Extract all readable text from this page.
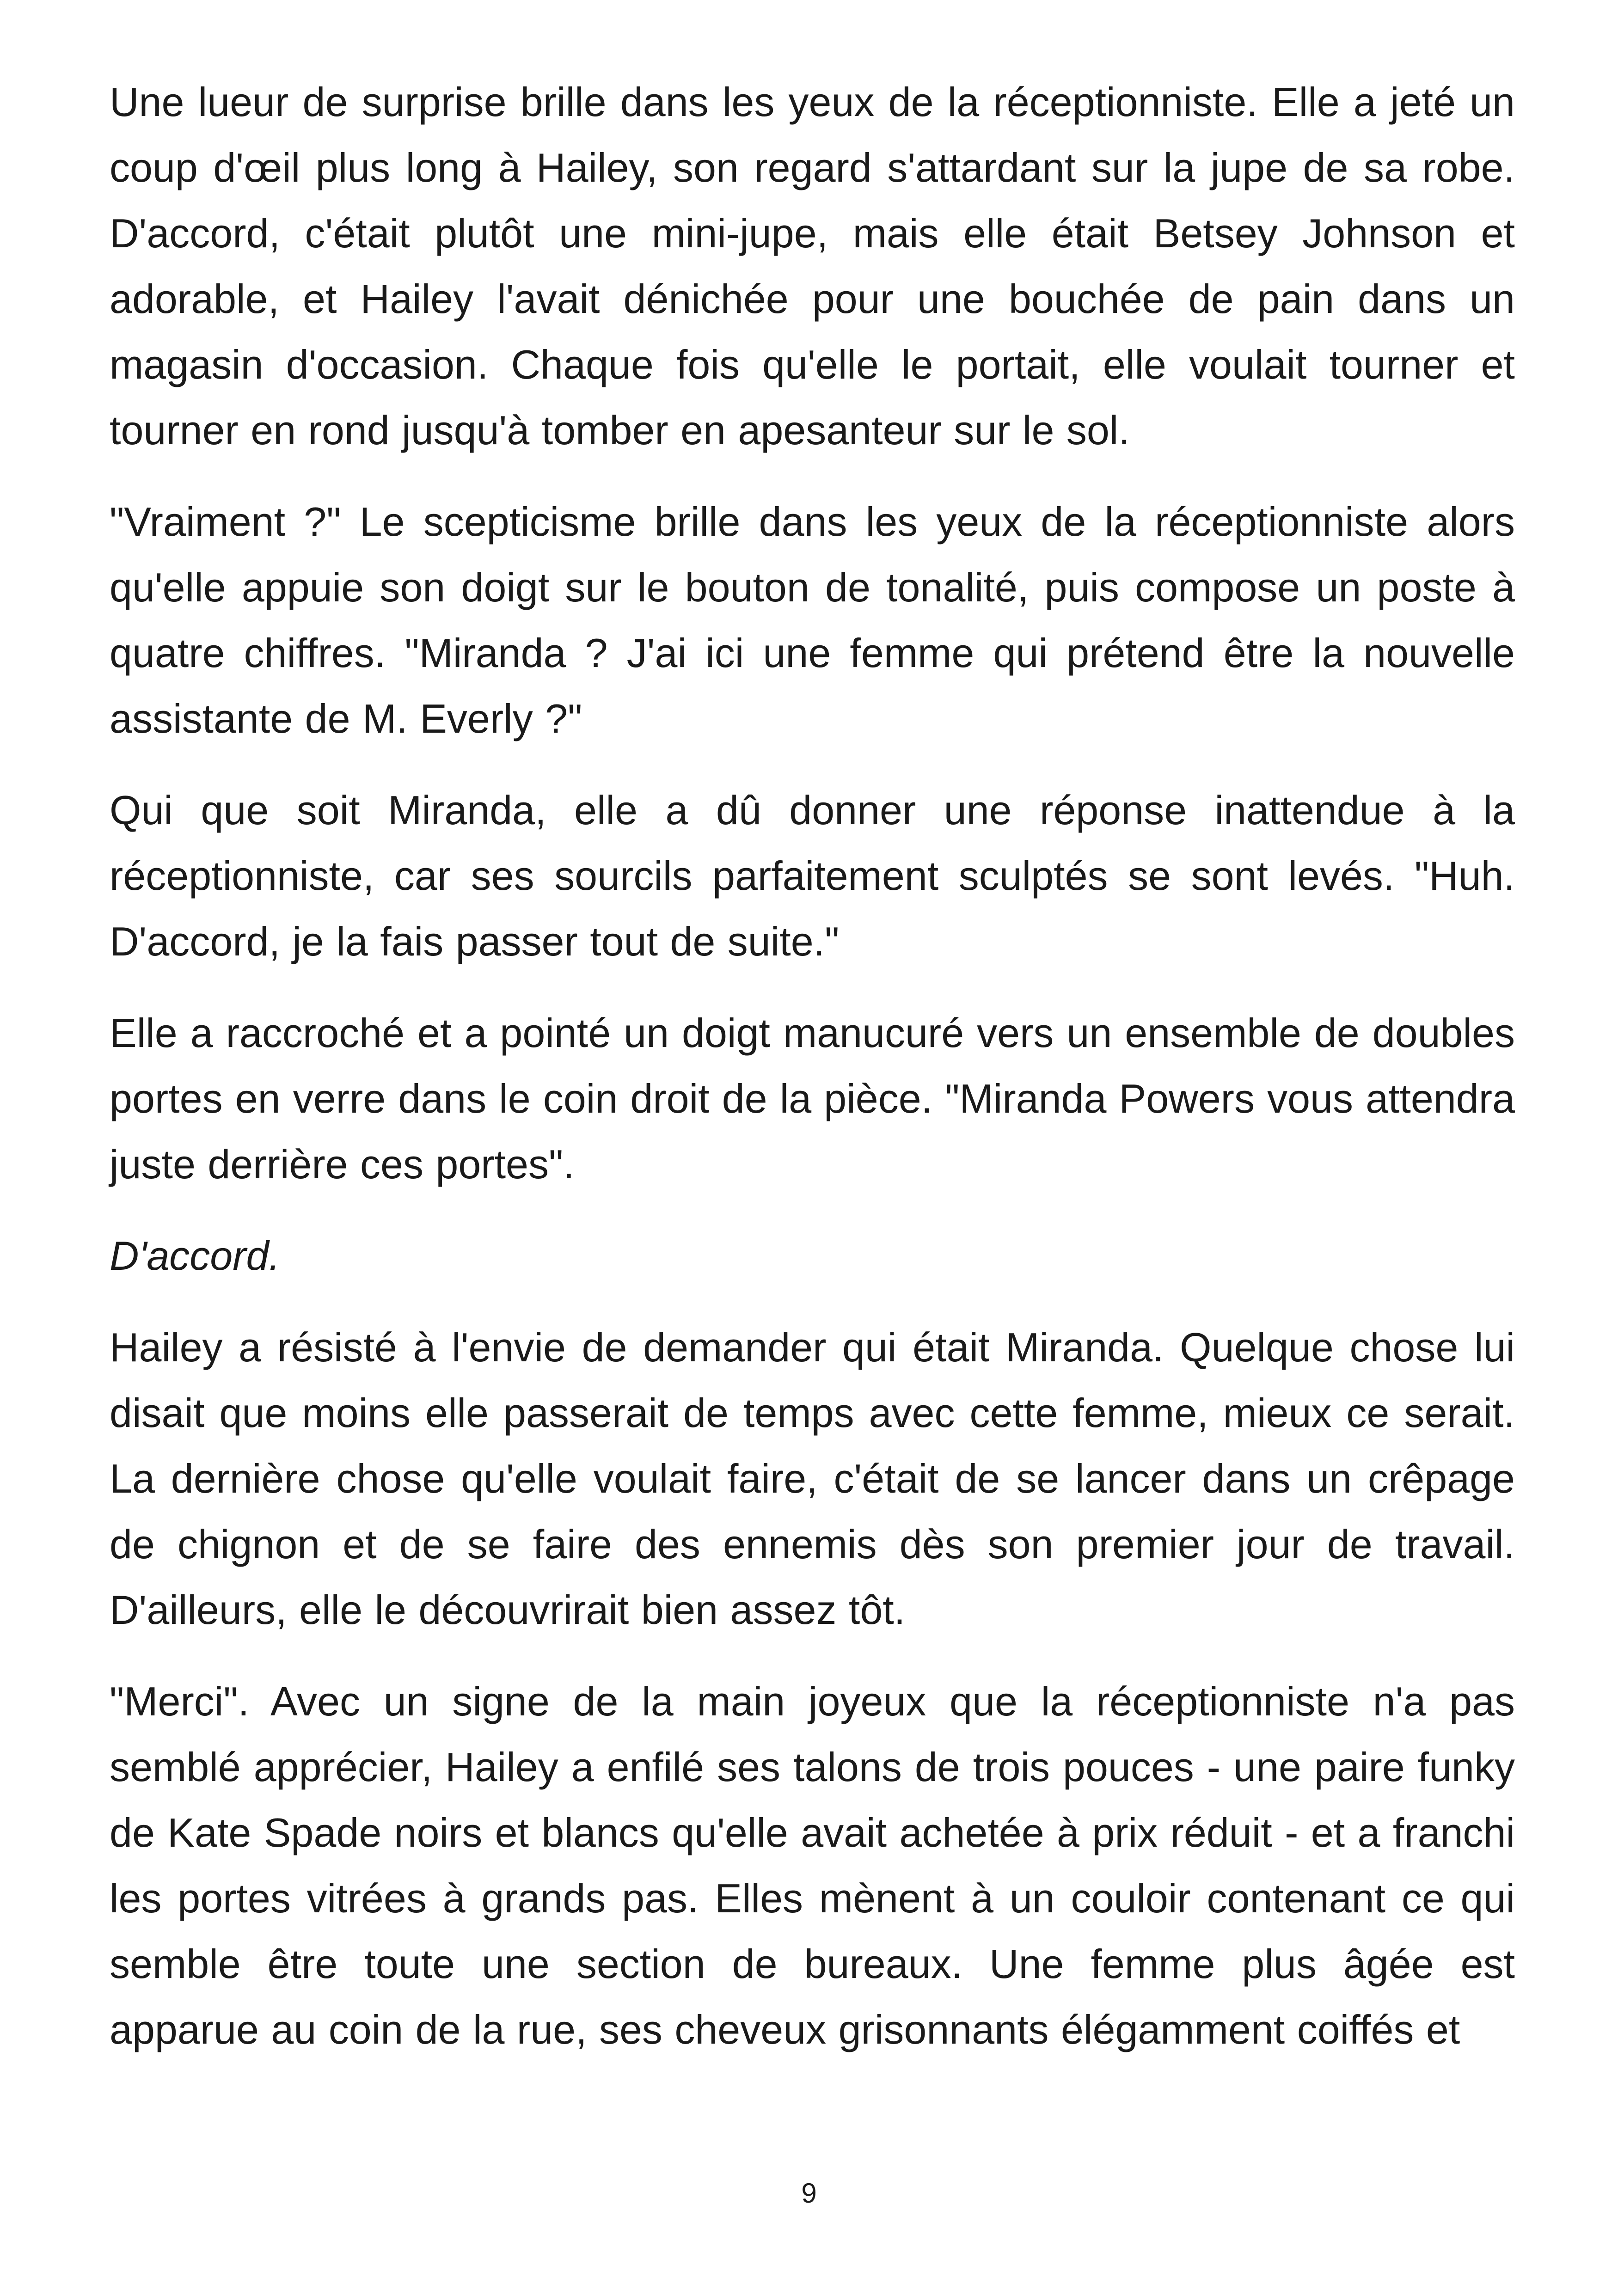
Une lueur de surprise brille dans les yeux de la réceptionniste. Elle a jeté un coup d'œil plus long à Hailey, son regard s'attardant sur la jupe de sa robe. D'accord, c'était plutôt une mini-jupe, mais elle était Betsey Johnson et adorable, et Hailey l'avait dénichée pour une bouchée de pain dans un magasin d'occasion. Chaque fois qu'elle le portait, elle voulait tourner et tourner en rond jusqu'à tomber en apesanteur sur le sol.

"Vraiment ?" Le scepticisme brille dans les yeux de la réceptionniste alors qu'elle appuie son doigt sur le bouton de tonalité, puis compose un poste à quatre chiffres. "Miranda ? J'ai ici une femme qui prétend être la nouvelle assistante de M. Everly ?"

Qui que soit Miranda, elle a dû donner une réponse inattendue à la réceptionniste, car ses sourcils parfaitement sculptés se sont levés. "Huh. D'accord, je la fais passer tout de suite."

Elle a raccroché et a pointé un doigt manucuré vers un ensemble de doubles portes en verre dans le coin droit de la pièce. "Miranda Powers vous attendra juste derrière ces portes".

D'accord.

Hailey a résisté à l'envie de demander qui était Miranda. Quelque chose lui disait que moins elle passerait de temps avec cette femme, mieux ce serait. La dernière chose qu'elle voulait faire, c'était de se lancer dans un crêpage de chignon et de se faire des ennemis dès son premier jour de travail. D'ailleurs, elle le découvrirait bien assez tôt.

"Merci". Avec un signe de la main joyeux que la réceptionniste n'a pas semblé apprécier, Hailey a enfilé ses talons de trois pouces - une paire funky de Kate Spade noirs et blancs qu'elle avait achetée à prix réduit - et a franchi les portes vitrées à grands pas. Elles mènent à un couloir contenant ce qui semble être toute une section de bureaux. Une femme plus âgée est apparue au coin de la rue, ses cheveux grisonnants élégamment coiffés et

9
